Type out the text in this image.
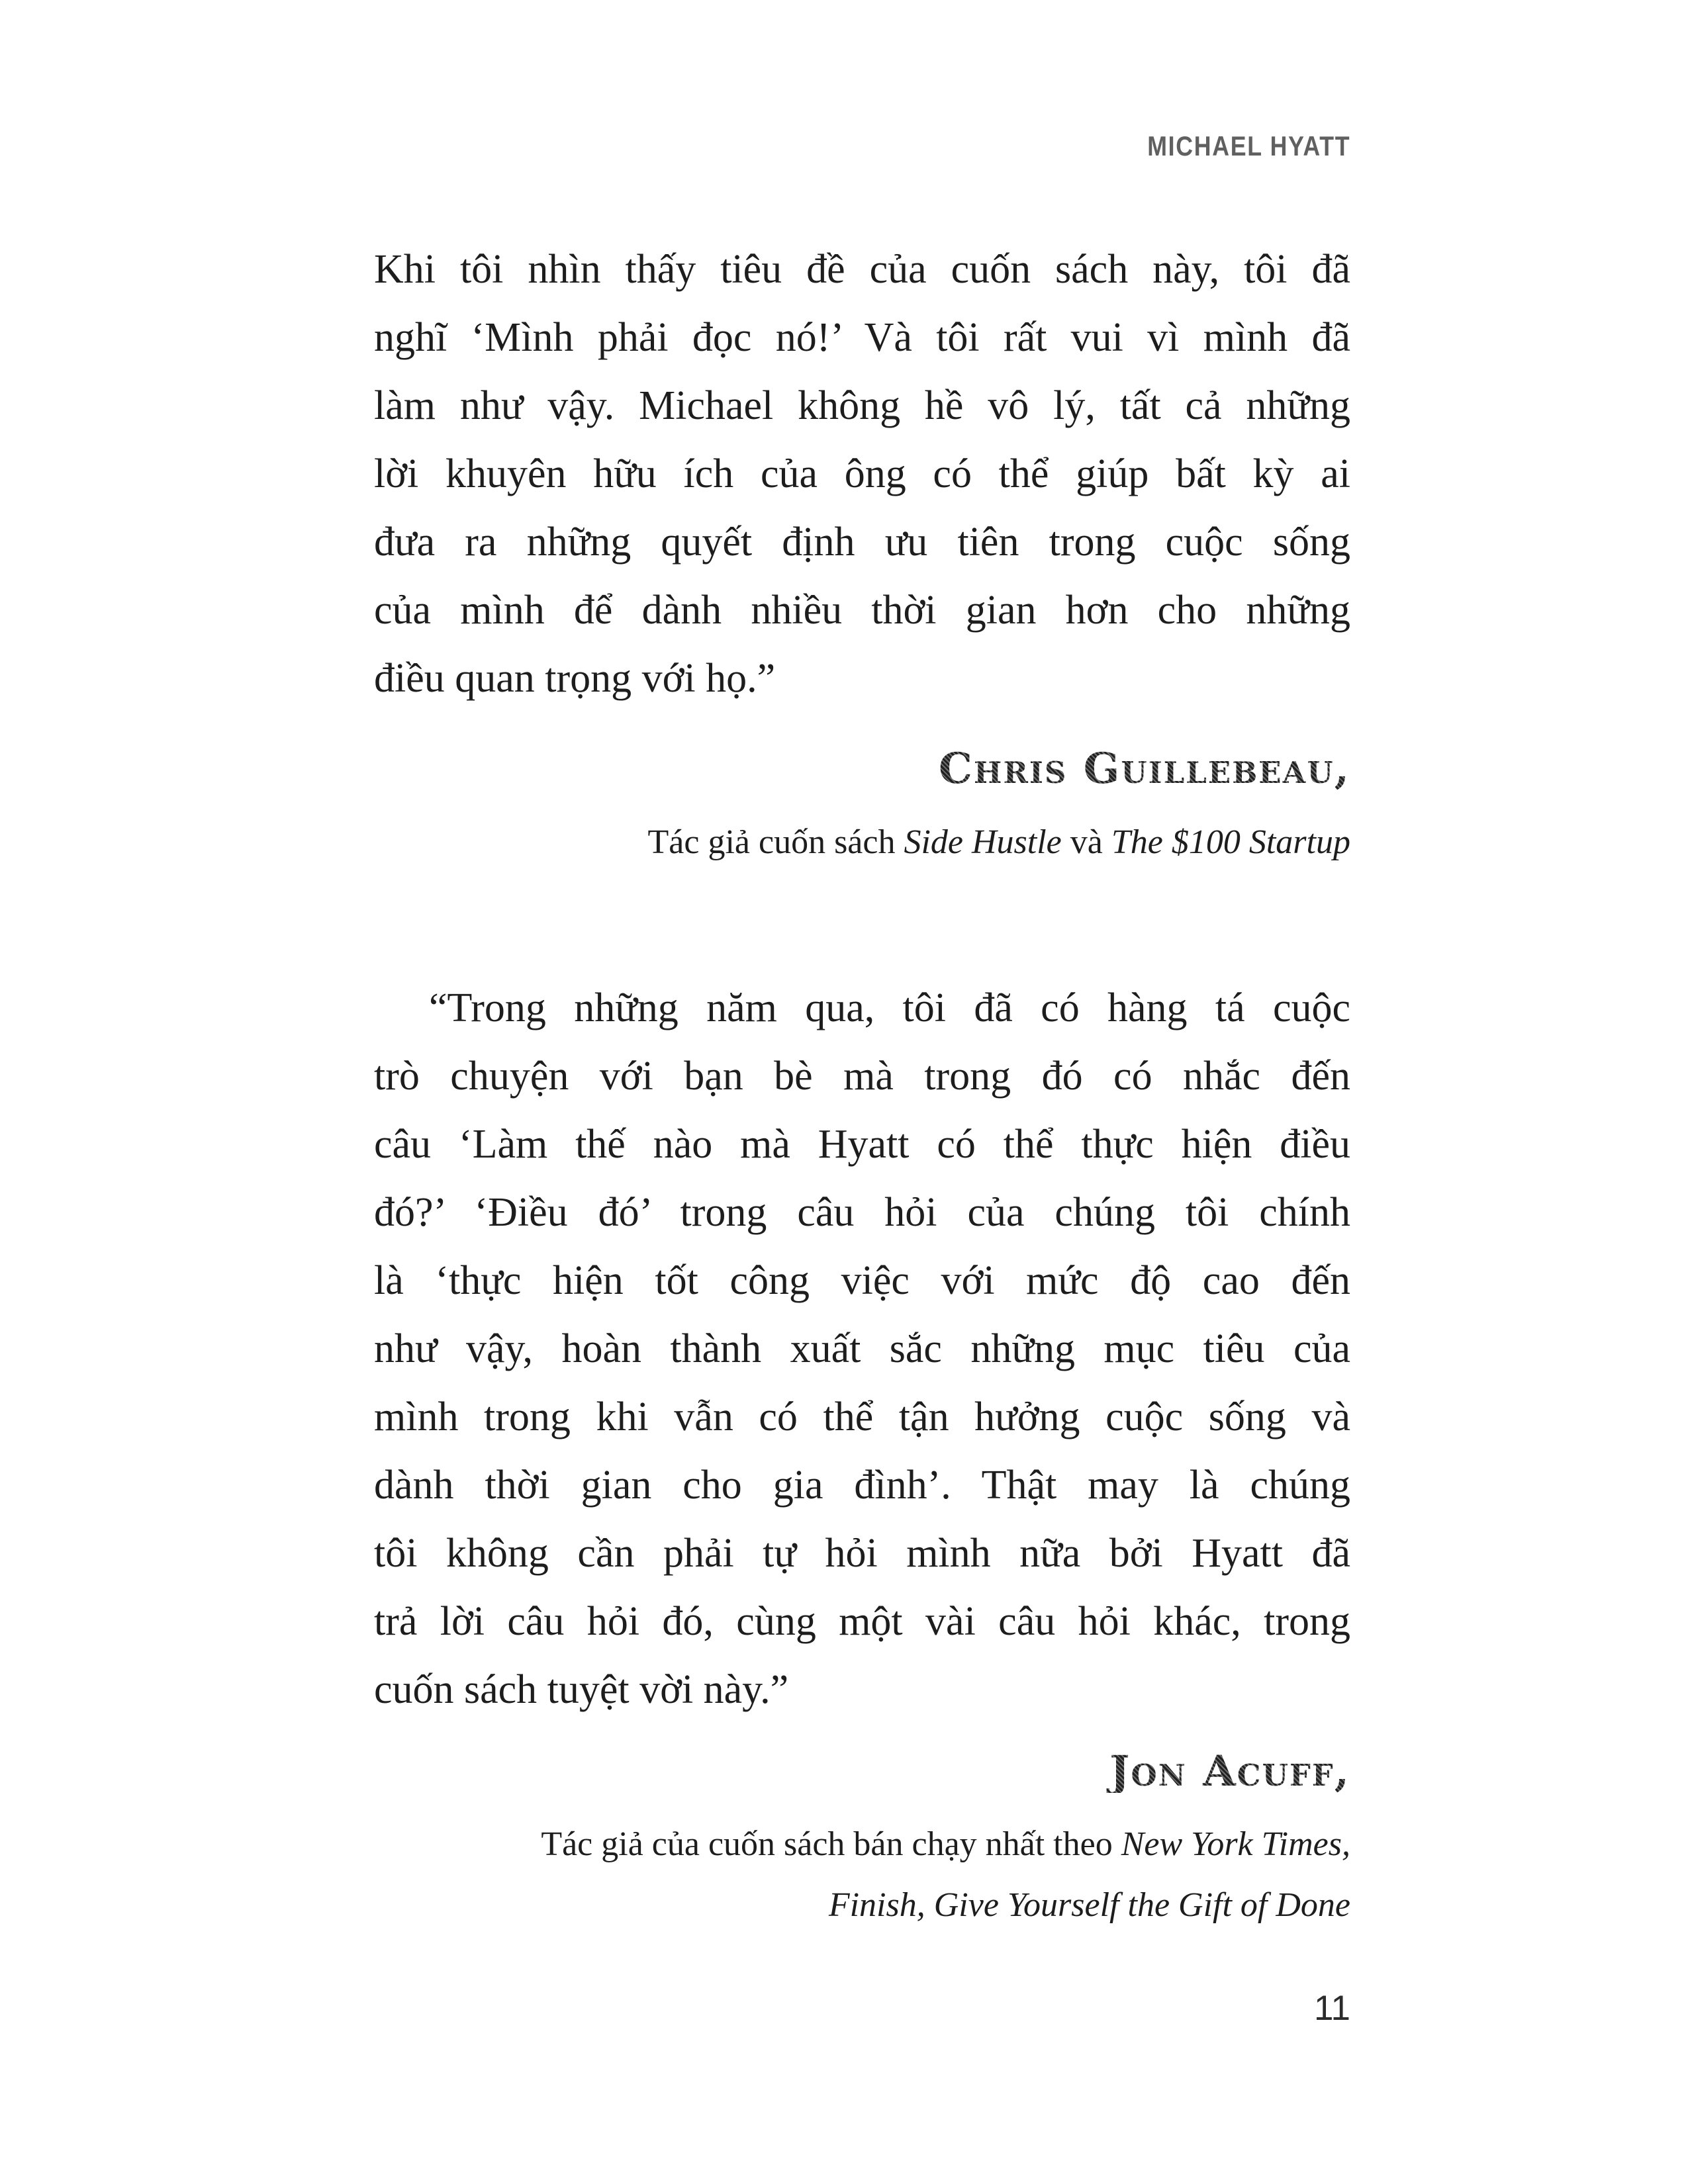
MICHAEL HYATT
Khi tôi nhìn thấy tiêu đề của cuốn sách này, tôi đã
nghĩ ‘Mình phải đọc nó!’ Và tôi rất vui vì mình đã
làm như vậy. Michael không hề vô lý, tất cả những
lời khuyên hữu ích của ông có thể giúp bất kỳ ai
đưa ra những quyết định ưu tiên trong cuộc sống
của mình để dành nhiều thời gian hơn cho những
điều quan trọng với họ.”
Chris Guillebeau,
Tác giả cuốn sách Side Hustle và The $100 Startup
“Trong những năm qua, tôi đã có hàng tá cuộc
trò chuyện với bạn bè mà trong đó có nhắc đến
câu ‘Làm thế nào mà Hyatt có thể thực hiện điều
đó?’ ‘Điều đó’ trong câu hỏi của chúng tôi chính
là ‘thực hiện tốt công việc với mức độ cao đến
như vậy, hoàn thành xuất sắc những mục tiêu của
mình trong khi vẫn có thể tận hưởng cuộc sống và
dành thời gian cho gia đình’. Thật may là chúng
tôi không cần phải tự hỏi mình nữa bởi Hyatt đã
trả lời câu hỏi đó, cùng một vài câu hỏi khác, trong
cuốn sách tuyệt vời này.”
Jon Acuff,
Tác giả của cuốn sách bán chạy nhất theo New York Times,
Finish, Give Yourself the Gift of Done
11
